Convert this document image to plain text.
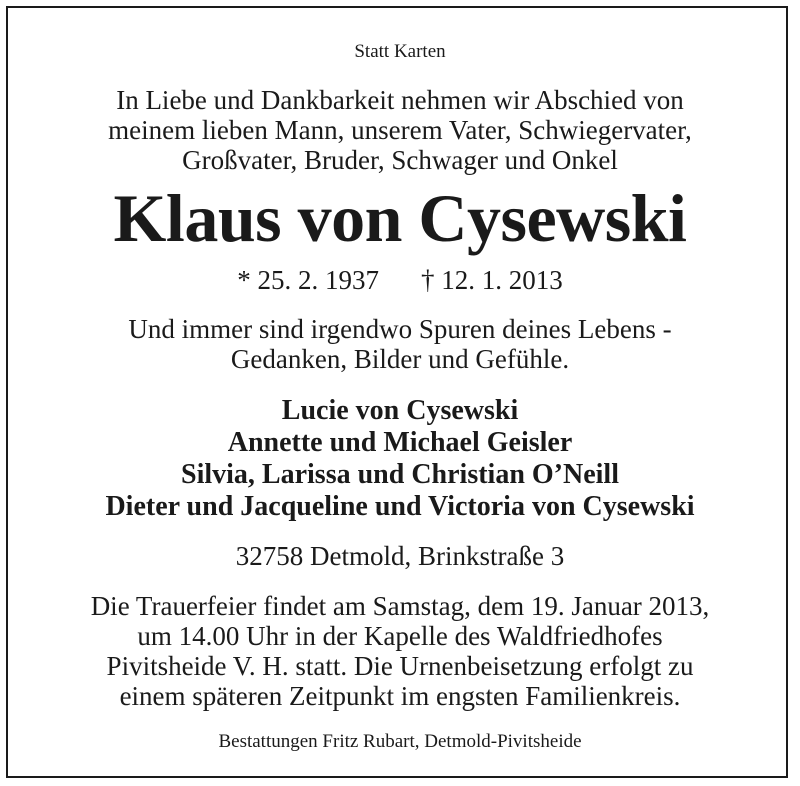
Statt Karten
In Liebe und Dankbarkeit nehmen wir Abschied von
meinem lieben Mann, unserem Vater, Schwiegervater,
Großvater, Bruder, Schwager und Onkel
Klaus von Cysewski
* 25. 2. 1937 † 12. 1. 2013
Und immer sind irgendwo Spuren deines Lebens -
Gedanken, Bilder und Gefühle.
Lucie von Cysewski
Annette und Michael Geisler
Silvia, Larissa und Christian O’Neill
Dieter und Jacqueline und Victoria von Cysewski
32758 Detmold, Brinkstraße 3
Die Trauerfeier findet am Samstag, dem 19. Januar 2013,
um 14.00 Uhr in der Kapelle des Waldfriedhofes
Pivitsheide V. H. statt. Die Urnenbeisetzung erfolgt zu
einem späteren Zeitpunkt im engsten Familienkreis.
Bestattungen Fritz Rubart, Detmold-Pivitsheide
